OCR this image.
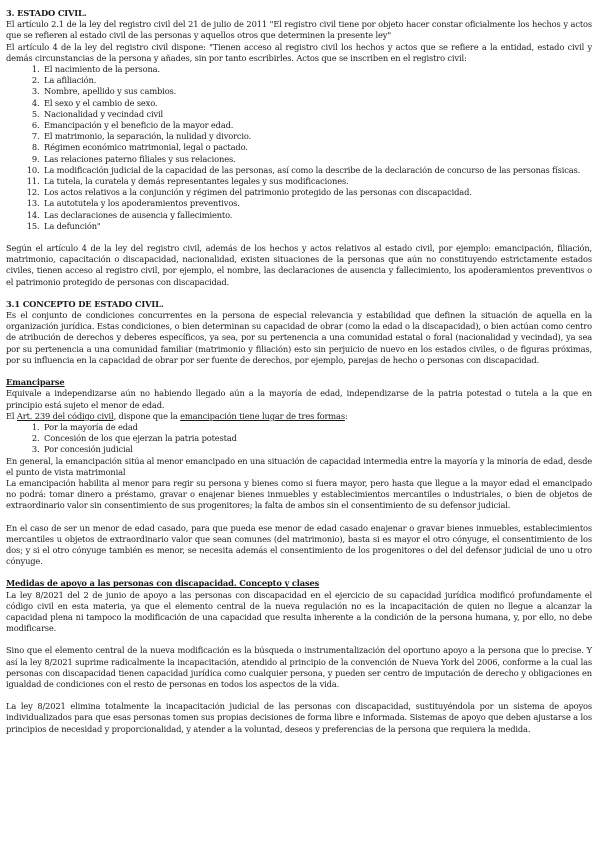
3. ESTADO CIVIL.

El artículo 2.1 de la ley del registro civil del 21 de julio de 2011 "El registro civil tiene por objeto hacer constar oficialmente los hechos y actos que se refieren al estado civil de las personas y aquellos otros que determinen la presente ley"

El artículo 4 de la ley del registro civil dispone: "Tienen acceso al registro civil los hechos y actos que se refiere a la entidad, estado civil y demás circunstancias de la persona y añades, sin por tanto escribirles. Actos que se inscriben en el registro civil:

1. El nacimiento de la persona.
2. La afiliación.
3. Nombre, apellido y sus cambios.
4. El sexo y el cambio de sexo.
5. Nacionalidad y vecindad civil
6. Emancipación y el beneficio de la mayor edad.
7. El matrimonio, la separación, la nulidad y divorcio.
8. Régimen económico matrimonial, legal o pactado.
9. Las relaciones paterno filiales y sus relaciones.
10. La modificación judicial de la capacidad de las personas, así como la describe de la declaración de concurso de las personas físicas.
11. La tutela, la curatela y demás representantes legales y sus modificaciones.
12. Los actos relativos a la conjunción y régimen del patrimonio protegido de las personas con discapacidad.
13. La autotutela y los apoderamientos preventivos.
14. Las declaraciones de ausencia y fallecimiento.
15. La defunción"

Según el artículo 4 de la ley del registro civil, además de los hechos y actos relativos al estado civil, por ejemplo: emancipación, filiación, matrimonio, capacitación o discapacidad, nacionalidad, existen situaciones de la personas que aún no constituyendo estrictamente estados civiles, tienen acceso al registro civil, por ejemplo, el nombre, las declaraciones de ausencia y fallecimiento, los apoderamientos preventivos o el patrimonio protegido de personas con discapacidad.

3.1 CONCEPTO DE ESTADO CIVIL.

Es el conjunto de condiciones concurrentes en la persona de especial relevancia y estabilidad que definen la situación de aquella en la organización jurídica. Estas condiciones, o bien determinan su capacidad de obrar (como la edad o la discapacidad), o bien actúan como centro de atribución de derechos y deberes específicos, ya sea, por su pertenencia a una comunidad estatal o foral (nacionalidad y vecindad), ya sea por su pertenencia a una comunidad familiar (matrimonio y filiación) esto sin perjuicio de nuevo en los estados civiles, o de figuras próximas, por su influencia en la capacidad de obrar por ser fuente de derechos, por ejemplo, parejas de hecho o personas con discapacidad.

Emanciparse

Equivale a independizarse aún no habiendo llegado aún a la mayoría de edad, independizarse de la patria potestad o tutela a la que en principio está sujeto el menor de edad.

El Art. 239 del código civil, dispone que la emancipación tiene lugar de tres formas:

1. Por la mayoría de edad
2. Concesión de los que ejerzan la patria potestad
3. Por concesión judicial

En general, la emancipación sitúa al menor emancipado en una situación de capacidad intermedia entre la mayoría y la minoría de edad, desde el punto de vista matrimonial

La emancipación habilita al menor para regir su persona y bienes como si fuera mayor, pero hasta que llegue a la mayor edad el emancipado no podrá: tomar dinero a préstamo, gravar o enajenar bienes inmuebles y establecimientos mercantiles o industriales, o bien de objetos de extraordinario valor sin consentimiento de sus progenitores; la falta de ambos sin el consentimiento de su defensor judicial.

En el caso de ser un menor de edad casado, para que pueda ese menor de edad casado enajenar o gravar bienes inmuebles, establecimientos mercantiles u objetos de extraordinario valor que sean comunes (del matrimonio), basta si es mayor el otro cónyuge, el consentimiento de los dos; y si el otro cónyuge también es menor, se necesita además el consentimiento de los progenitores o del del defensor judicial de uno u otro cónyuge.

Medidas de apoyo a las personas con discapacidad. Concepto y clases

La ley 8/2021 del 2 de junio de apoyo a las personas con discapacidad en el ejercicio de su capacidad jurídica modificó profundamente el código civil en esta materia, ya que el elemento central de la nueva regulación no es la incapacitación de quien no llegue a alcanzar la capacidad plena ni tampoco la modificación de una capacidad que resulta inherente a la condición de la persona humana, y, por ello, no debe modificarse.

Sino que el elemento central de la nueva modificación es la búsqueda o instrumentalización del oportuno apoyo a la persona que lo precise. Y así la ley 8/2021 suprime radicalmente la incapacitación, atendido al principio de la convención de Nueva York del 2006, conforme a la cual las personas con discapacidad tienen capacidad jurídica como cualquier persona, y pueden ser centro de imputación de derecho y obligaciones en igualdad de condiciones con el resto de personas en todos los aspectos de la vida.

La ley 8/2021 elimina totalmente la incapacitación judicial de las personas con discapacidad, sustituyéndola por un sistema de apoyos individualizados para que esas personas tomen sus propias decisiones de forma libre e informada. Sistemas de apoyo que deben ajustarse a los principios de necesidad y proporcionalidad, y atender a la voluntad, deseos y preferencias de la persona que requiera la medida.
